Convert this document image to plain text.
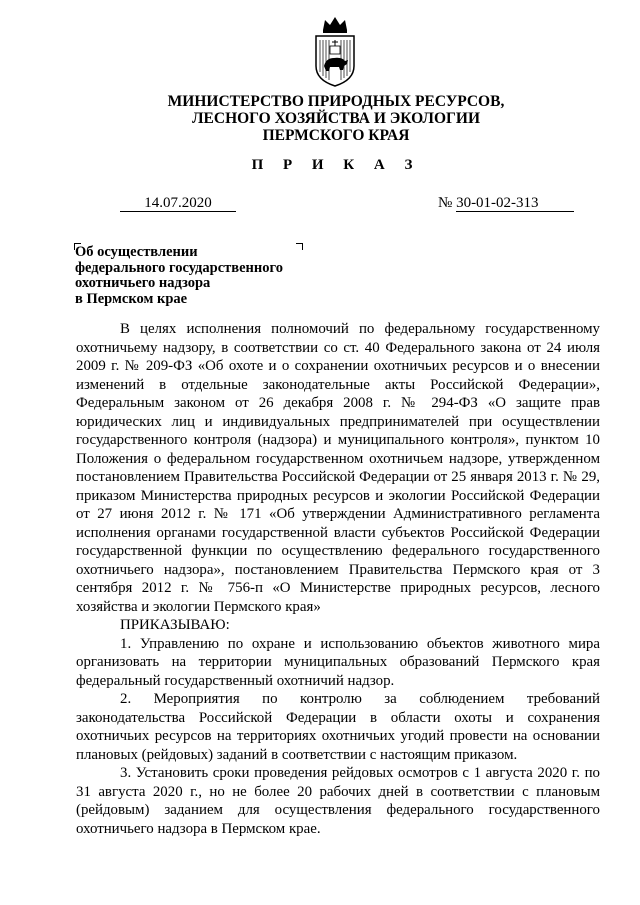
МИНИСТЕРСТВО ПРИРОДНЫХ РЕСУРСОВ,
ЛЕСНОГО ХОЗЯЙСТВА И ЭКОЛОГИИ
ПЕРМСКОГО КРАЯ
П Р И К А З
14.07.2020	№ 30-01-02-313
Об осуществлении
федерального государственного
охотничьего надзора
в Пермском крае

В целях исполнения полномочий по федеральному государственному охотничьему надзору, в соответствии со ст. 40 Федерального закона от 24 июля 2009 г. № 209-ФЗ «Об охоте и о сохранении охотничьих ресурсов и о внесении изменений в отдельные законодательные акты Российской Федерации», Федеральным законом от 26 декабря 2008 г. № 294-ФЗ «О защите прав юридических лиц и индивидуальных предпринимателей при осуществлении государственного контроля (надзора) и муниципального контроля», пунктом 10 Положения о федеральном государственном охотничьем надзоре, утвержденном постановлением Правительства Российской Федерации от 25 января 2013 г. № 29, приказом Министерства природных ресурсов и экологии Российской Федерации от 27 июня 2012 г. № 171 «Об утверждении Административного регламента исполнения органами государственной власти субъектов Российской Федерации государственной функции по осуществлению федерального государственного охотничьего надзора», постановлением Правительства Пермского края от 3 сентября 2012 г. № 756-п «О Министерстве природных ресурсов, лесного хозяйства и экологии Пермского края»

ПРИКАЗЫВАЮ:

1. Управлению по охране и использованию объектов животного мира организовать на территории муниципальных образований Пермского края федеральный государственный охотничий надзор.

2. Мероприятия по контролю за соблюдением требований законодательства Российской Федерации в области охоты и сохранения охотничьих ресурсов на территориях охотничьих угодий провести на основании плановых (рейдовых) заданий в соответствии с настоящим приказом.

3. Установить сроки проведения рейдовых осмотров с 1 августа 2020 г. по 31 августа 2020 г., но не более 20 рабочих дней в соответствии с плановым (рейдовым) заданием для осуществления федерального государственного охотничьего надзора в Пермском крае.
